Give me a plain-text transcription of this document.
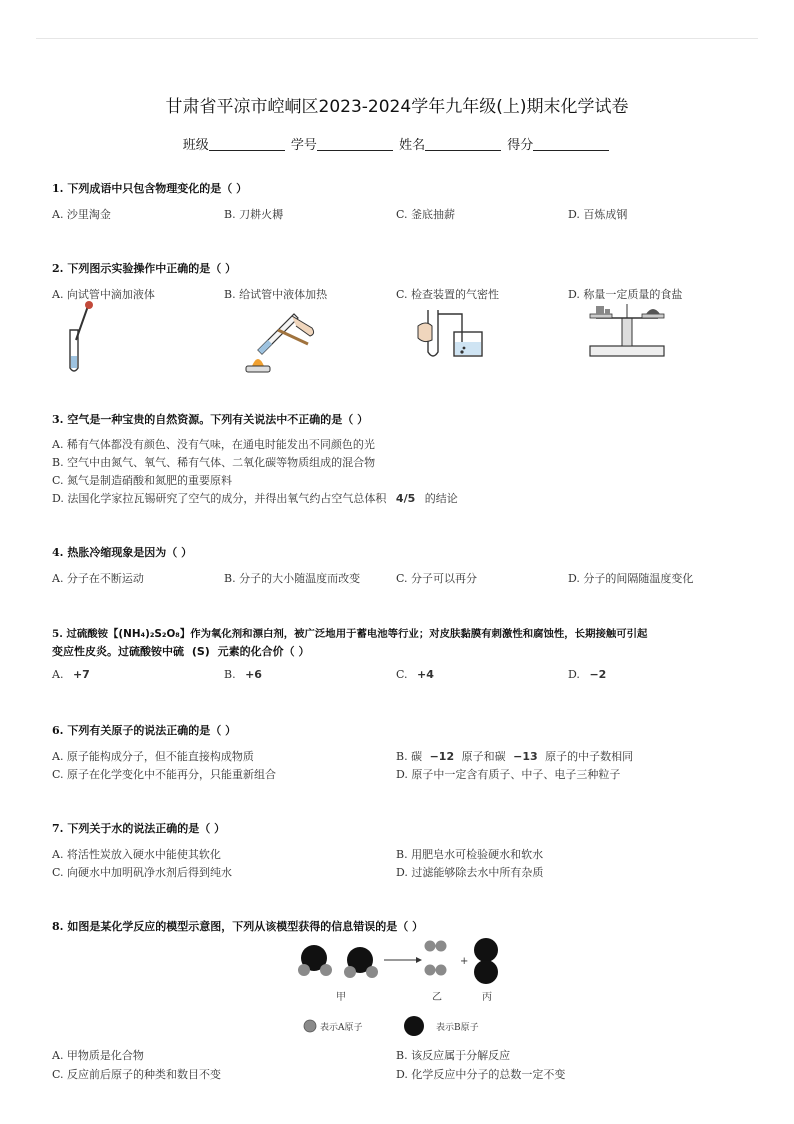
甘肃省平凉市崆峒区2023-2024学年九年级(上)期末化学试卷
班级	学号	姓名	得分
1. 下列成语中只包含物理变化的是（ ）
A. 沙里淘金	B. 刀耕火耨	C. 釜底抽薪	D. 百炼成钢
2. 下列图示实验操作中正确的是（ ）
A. 向试管中滴加液体	B. 给试管中液体加热	C. 检查装置的气密性	D. 称量一定质量的食盐
3. 空气是一种宝贵的自然资源。下列有关说法中不正确的是（ ）
A. 稀有气体都没有颜色、没有气味，在通电时能发出不同颜色的光
B. 空气中由氮气、氧气、稀有气体、二氧化碳等物质组成的混合物
C. 氮气是制造硝酸和氮肥的重要原料
D. 法国化学家拉瓦锡研究了空气的成分，并得出氧气约占空气总体积 4/5 的结论
4. 热胀冷缩现象是因为（ ）
A. 分子在不断运动	B. 分子的大小随温度而改变	C. 分子可以再分	D. 分子的间隔随温度变化
5. 过硫酸铵【(NH₄)₂S₂O₈】作为氧化剂和漂白剂，被广泛地用于蓄电池等行业；对皮肤黏膜有刺激性和腐蚀性，长期接触可引起
变应性皮炎。过硫酸铵中硫 (S) 元素的化合价（ ）
A. +7	B. +6	C. +4	D. −2
6. 下列有关原子的说法正确的是（ ）
A. 原子能构成分子，但不能直接构成物质	B. 碳 −12 原子和碳 −13 原子的中子数相同
C. 原子在化学变化中不能再分，只能重新组合	D. 原子中一定含有质子、中子、电子三种粒子
7. 下列关于水的说法正确的是（ ）
A. 将活性炭放入硬水中能使其软化	B. 用肥皂水可检验硬水和软水
C. 向硬水中加明矾净水剂后得到纯水	D. 过滤能够除去水中所有杂质
8. 如图是某化学反应的模型示意图，下列从该模型获得的信息错误的是（ ）
+
甲	乙	丙
表示A原子	表示B原子
A. 甲物质是化合物	B. 该反应属于分解反应
C. 反应前后原子的种类和数目不变	D. 化学反应中分子的总数一定不变
